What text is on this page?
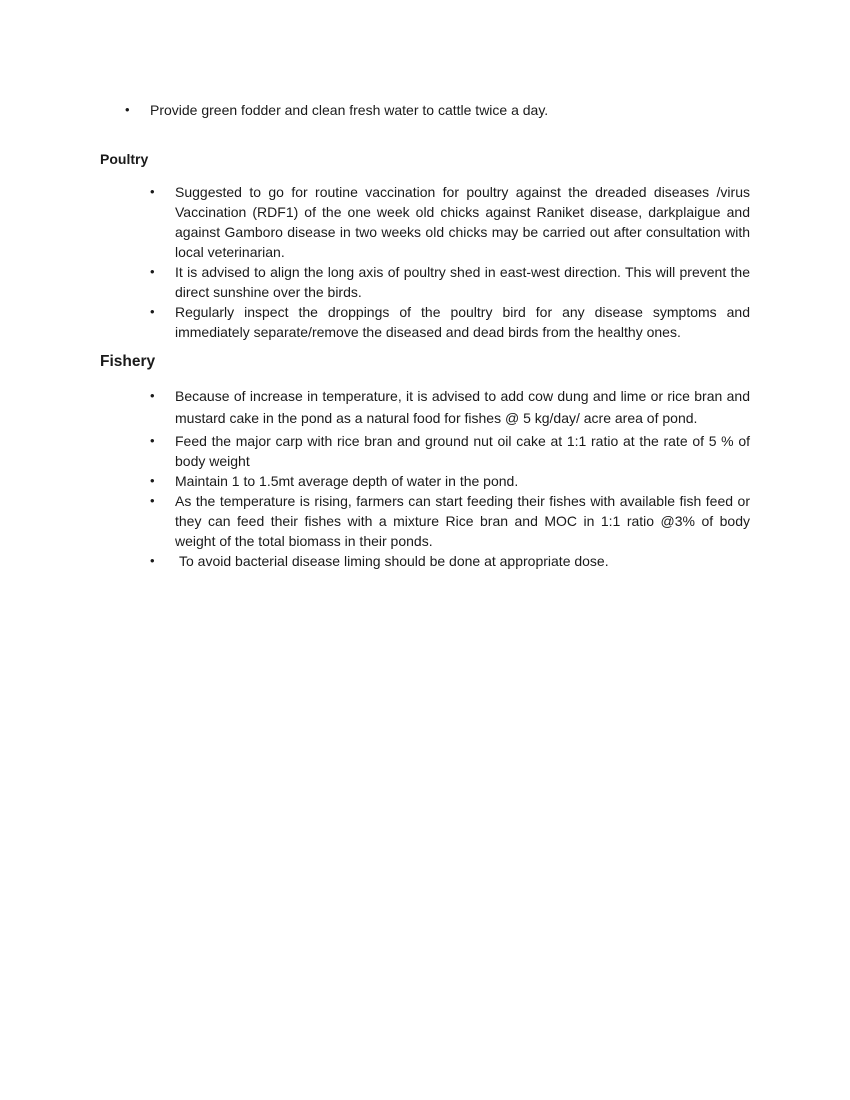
•	Provide green fodder and clean fresh water to cattle twice a day.
Poultry
•	Suggested to go for routine vaccination for poultry against the dreaded diseases /virus Vaccination (RDF1) of the one week old chicks against Raniket disease, darkplaigue and against Gamboro disease in two weeks old chicks may be carried out after consultation with local veterinarian.
•	It is advised to align the long axis of poultry shed in east-west direction. This will prevent the direct sunshine over the birds.
•	Regularly inspect the droppings of the poultry bird for any disease symptoms and immediately separate/remove the diseased and dead birds from the healthy ones.
Fishery
•	Because of increase in temperature, it is advised to add cow dung and lime or rice bran and mustard cake in the pond as a natural food for fishes @ 5 kg/day/ acre area of pond.
•	Feed the major carp with rice bran and ground nut oil cake at 1:1 ratio at the rate of 5 % of body weight
•	Maintain 1 to 1.5mt average depth of water in the pond.
•	As the temperature is rising, farmers can start feeding their fishes with available fish feed or they can feed their fishes with a mixture Rice bran and MOC in 1:1 ratio @3% of body weight of the total biomass in their ponds.
•	To avoid bacterial disease liming should be done at appropriate dose.
